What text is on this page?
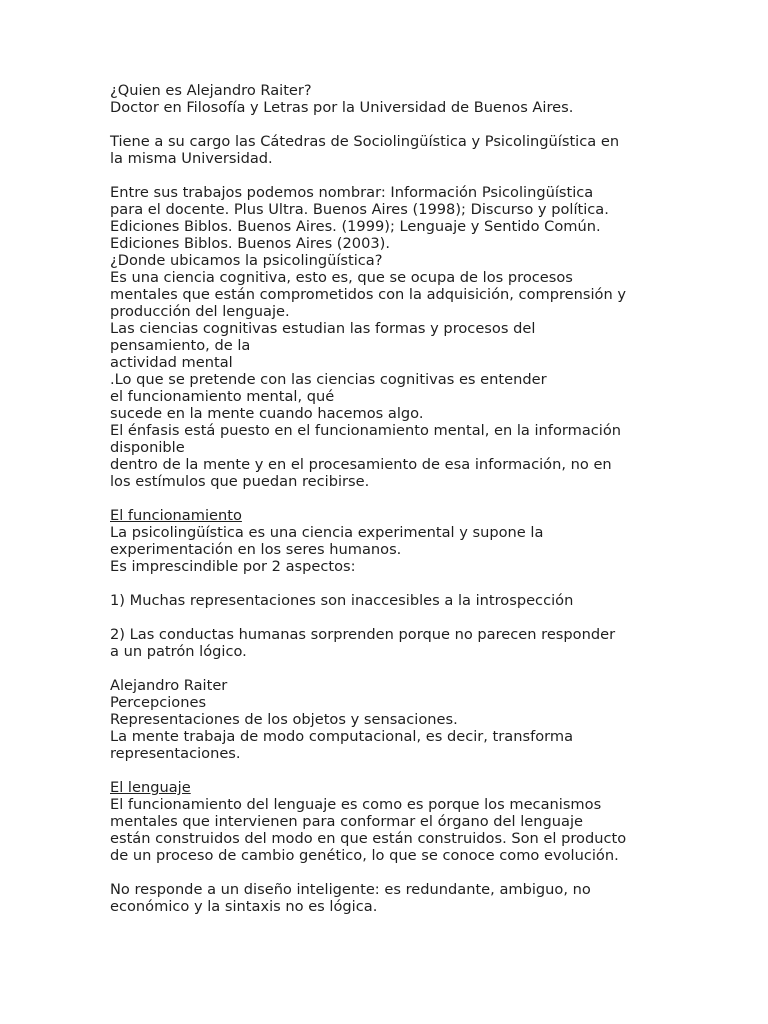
¿Quien es Alejandro Raiter?
Doctor en Filosofía y Letras por la Universidad de Buenos Aires.
Tiene a su cargo las Cátedras de Sociolingüística y Psicolingüística en
la misma Universidad.
Entre sus trabajos podemos nombrar: Información Psicolingüística
para el docente. Plus Ultra. Buenos Aires (1998); Discurso y política.
Ediciones Biblos. Buenos Aires. (1999); Lenguaje y Sentido Común.
Ediciones Biblos. Buenos Aires (2003).
¿Donde ubicamos la psicolingüística?
Es una ciencia cognitiva, esto es, que se ocupa de los procesos
mentales que están comprometidos con la adquisición, comprensión y
producción del lenguaje.
Las ciencias cognitivas estudian las formas y procesos del
pensamiento, de la
actividad mental
.Lo que se pretende con las ciencias cognitivas es entender
el funcionamiento mental, qué
sucede en la mente cuando hacemos algo.
El énfasis está puesto en el funcionamiento mental, en la información
disponible
dentro de la mente y en el procesamiento de esa información, no en
los estímulos que puedan recibirse.
El funcionamiento
La psicolingüística es una ciencia experimental y supone la
experimentación en los seres humanos.
Es imprescindible por 2 aspectos:
1) Muchas representaciones son inaccesibles a la introspección
2) Las conductas humanas sorprenden porque no parecen responder
a un patrón lógico.
Alejandro Raiter
Percepciones
Representaciones de los objetos y sensaciones.
La mente trabaja de modo computacional, es decir, transforma
representaciones.
El lenguaje
El funcionamiento del lenguaje es como es porque los mecanismos
mentales que intervienen para conformar el órgano del lenguaje
están construidos del modo en que están construidos. Son el producto
de un proceso de cambio genético, lo que se conoce como evolución.
No responde a un diseño inteligente: es redundante, ambiguo, no
económico y la sintaxis no es lógica.
